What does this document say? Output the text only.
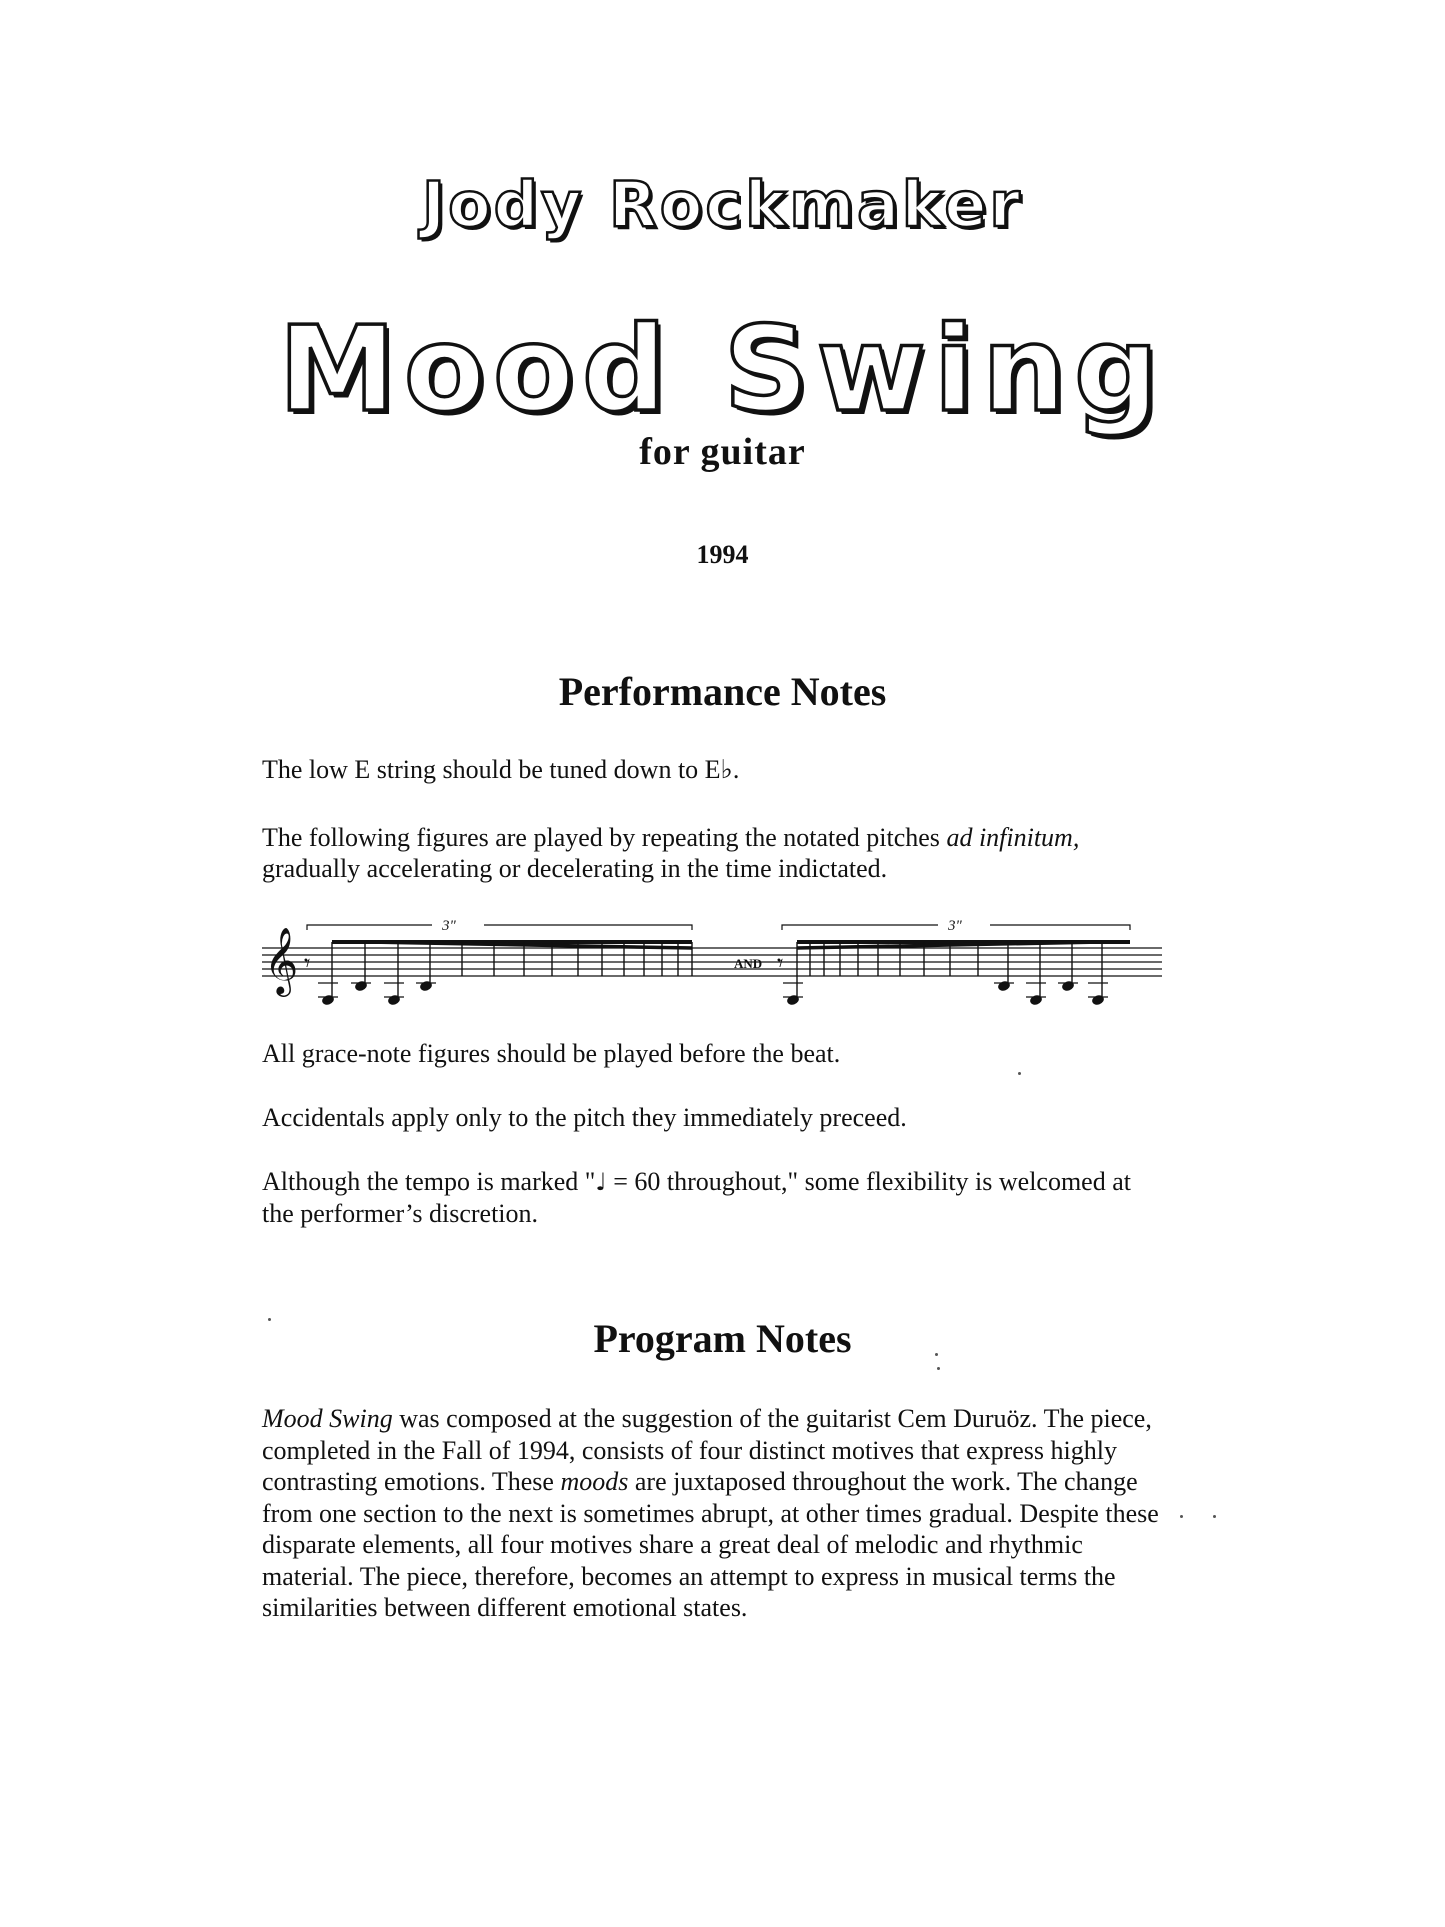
Jody Rockmaker
Mood Swing

for guitar

1994

Performance Notes

The low E string should be tuned down to E♭.

The following figures are played by repeating the notated pitches ad infinitum, gradually accelerating or decelerating in the time indictated.

𝄞 𝄾	𝄾
3"	3"
AND

All grace-note figures should be played before the beat.

Accidentals apply only to the pitch they immediately preceed.

Although the tempo is marked "♩ = 60 throughout," some flexibility is welcomed at the performer’s discretion.

Program Notes

Mood Swing was composed at the suggestion of the guitarist Cem Duruöz. The piece, completed in the Fall of 1994, consists of four distinct motives that express highly contrasting emotions. These moods are juxtaposed throughout the work. The change from one section to the next is sometimes abrupt, at other times gradual. Despite these disparate elements, all four motives share a great deal of melodic and rhythmic material. The piece, therefore, becomes an attempt to express in musical terms the similarities between different emotional states.
